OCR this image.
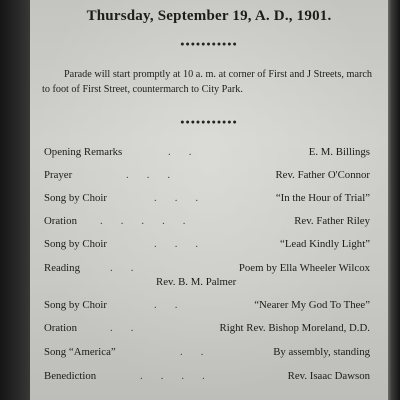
Thursday, September 19, A. D., 1901.
●●●●●●●●●●●
Parade will start promptly at 10 a. m. at corner of First and J Streets, march to foot of First Street, countermarch to City Park.
●●●●●●●●●●●
Opening Remarks	..	E. M. Billings
Prayer	...	Rev. Father O'Connor
Song by Choir	...	“In the Hour of Trial”
Oration .....	Rev. Father Riley
Song by Choir	...	“Lead Kindly Light”
Reading	..	Poem by Ella Wheeler Wilcox
Rev. B. M. Palmer
Song by Choir	..	“Nearer My God To Thee”
Oration	..	Right Rev. Bishop Moreland, D.D.
Song “America”	..	By assembly, standing
Benediction	....	Rev. Isaac Dawson
